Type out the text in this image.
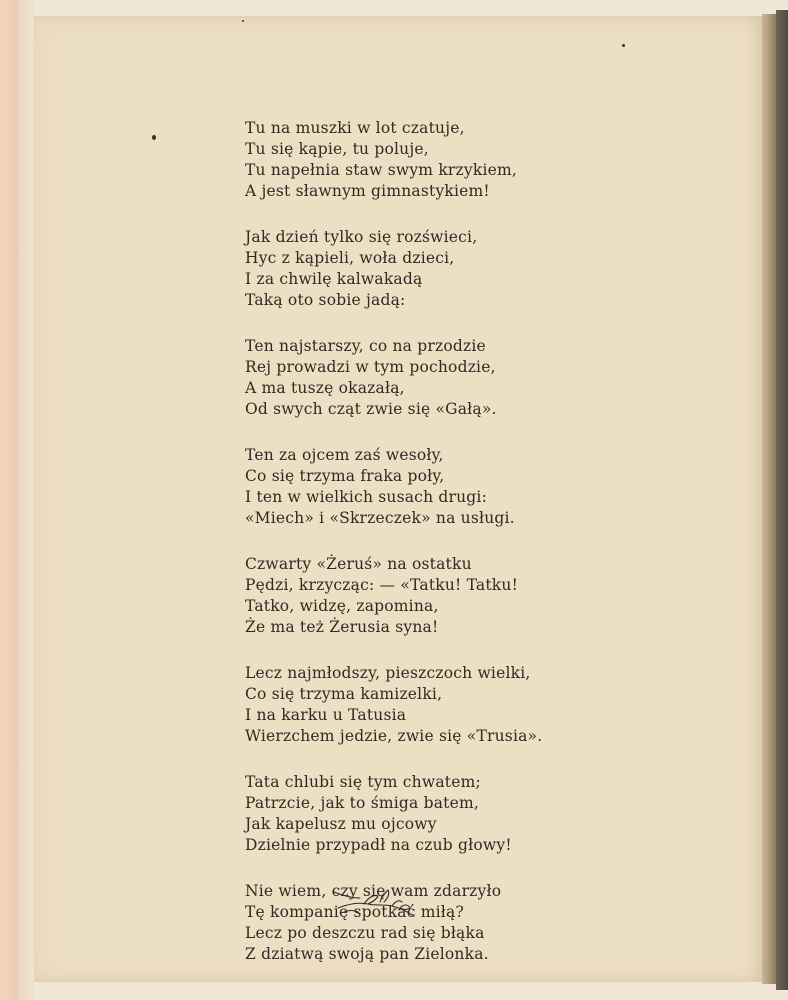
Tu na muszki w lot czatuje,
Tu się kąpie, tu poluje,
Tu napełnia staw swym krzykiem,
A jest sławnym gimnastykiem!
Jak dzień tylko się rozświeci,
Hyc z kąpieli, woła dzieci,
I za chwilę kalwakadą
Taką oto sobie jadą:
Ten najstarszy, co na przodzie
Rej prowadzi w tym pochodzie,
A ma tuszę okazałą,
Od swych cząt zwie się «Gałą».
Ten za ojcem zaś wesoły,
Co się trzyma fraka poły,
I ten w wielkich susach drugi:
«Miech» i «Skrzeczek» na usługi.
Czwarty «Żeruś» na ostatku
Pędzi, krzycząc: — «Tatku! Tatku!
Tatko, widzę, zapomina,
Że ma też Żerusia syna!
Lecz najmłodszy, pieszczoch wielki,
Co się trzyma kamizelki,
I na karku u Tatusia
Wierzchem jedzie, zwie się «Trusia».
Tata chlubi się tym chwatem;
Patrzcie, jak to śmiga batem,
Jak kapelusz mu ojcowy
Dzielnie przypadł na czub głowy!
Nie wiem, czy się wam zdarzyło
Tę kompanię spotkać miłą?
Lecz po deszczu rad się błąka
Z dziatwą swoją pan Zielonka.
